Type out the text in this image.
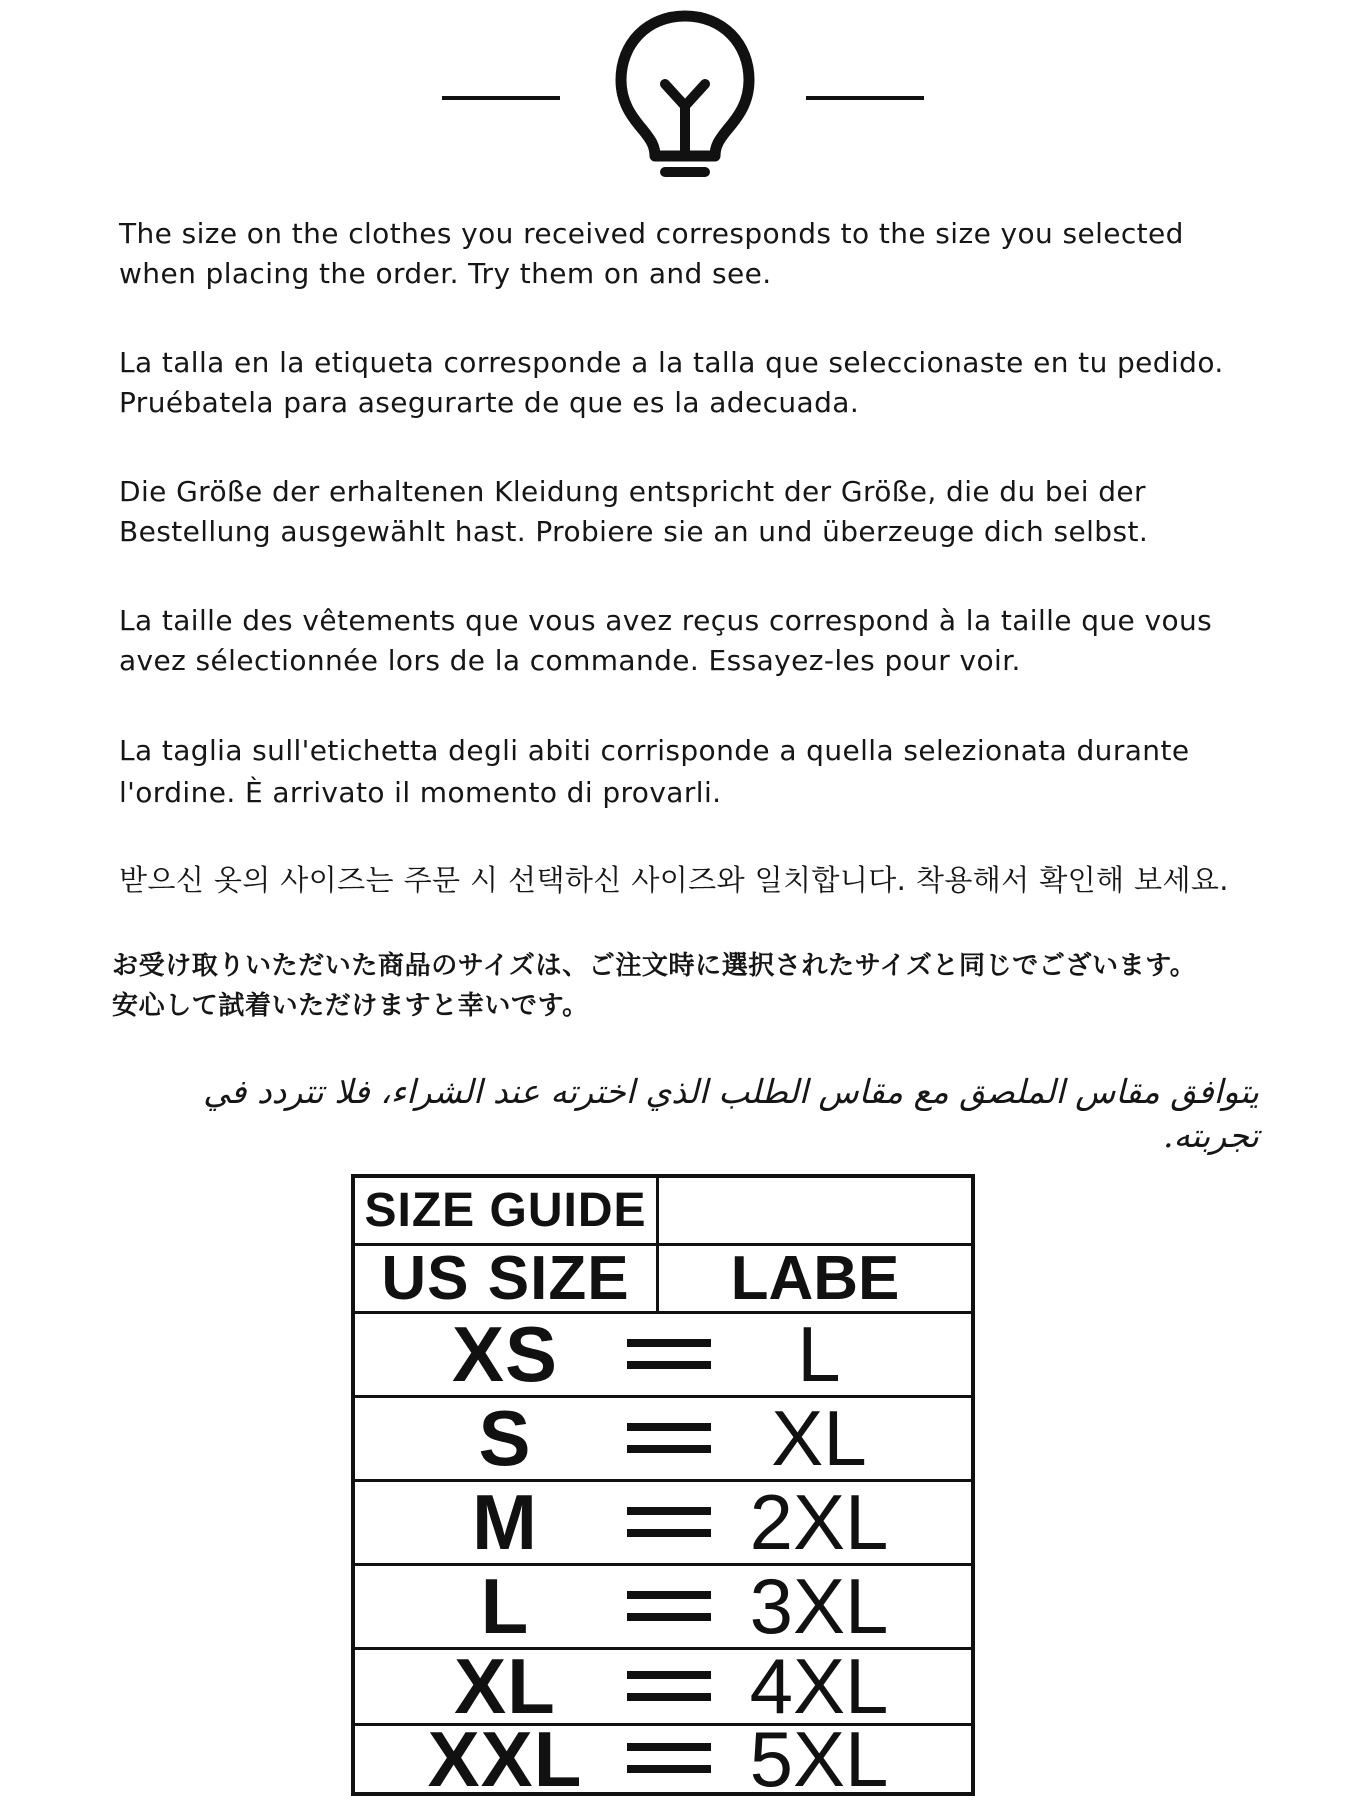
The size on the clothes you received corresponds to the size you selected
when placing the order. Try them on and see.

La talla en la etiqueta corresponde a la talla que seleccionaste en tu pedido.
Pruébatela para asegurarte de que es la adecuada.

Die Größe der erhaltenen Kleidung entspricht der Größe, die du bei der
Bestellung ausgewählt hast. Probiere sie an und überzeuge dich selbst.

La taille des vêtements que vous avez reçus correspond à la taille que vous
avez sélectionnée lors de la commande. Essayez-les pour voir.

La taglia sull'etichetta degli abiti corrisponde a quella selezionata durante
l'ordine. È arrivato il momento di provarli.

받으신 옷의 사이즈는 주문 시 선택하신 사이즈와 일치합니다. 착용해서 확인해 보세요.

お受け取りいただいた商品のサイズは、ご注文時に選択されたサイズと同じでございます。
安心して試着いただけますと幸いです。

يتوافق مقاس الملصق مع مقاس الطلب الذي اخترته عند الشراء، فلا تتردد في تجربته.

SIZE GUIDE
US SIZE	LABE
XS	L
S	XL
M	2XL
L	3XL
XL	4XL
XXL	5XL
